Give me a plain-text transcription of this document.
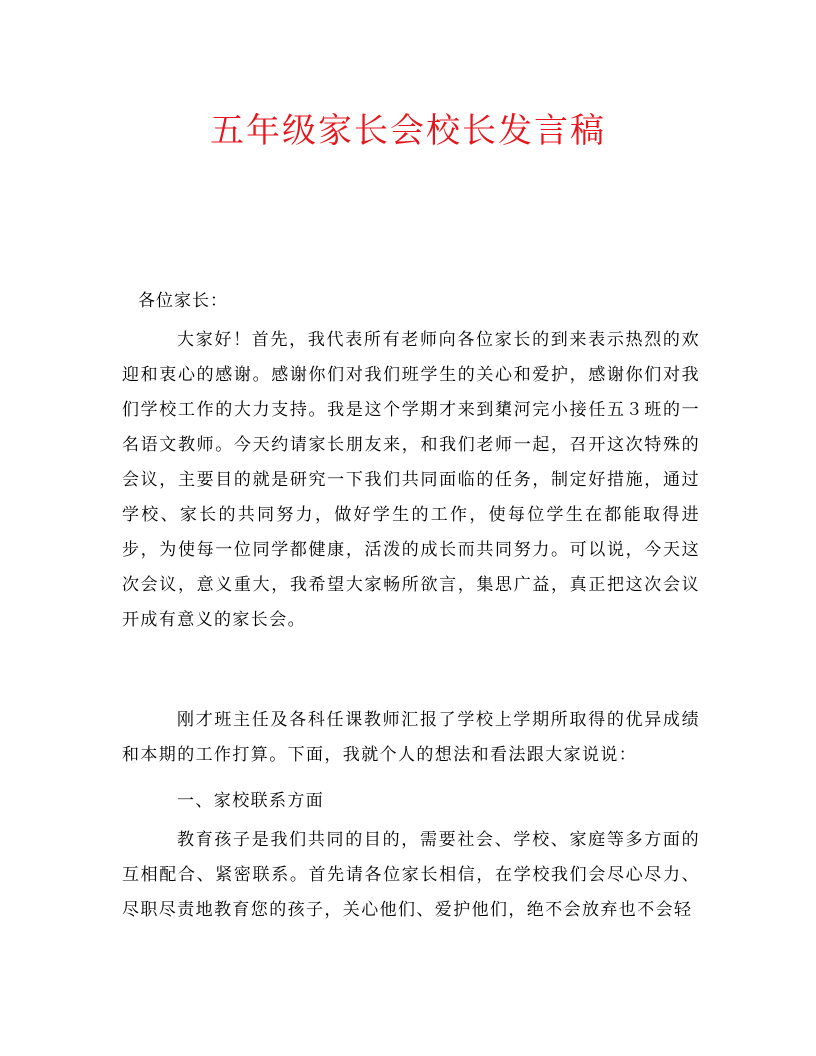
五年级家长会校长发言稿

各位家长：

大家好！首先，我代表所有老师向各位家长的到来表示热烈的欢迎和衷心的感谢。感谢你们对我们班学生的关心和爱护，感谢你们对我们学校工作的大力支持。我是这个学期才来到橥河完小接任五３班的一名语文教师。今天约请家长朋友来，和我们老师一起，召开这次特殊的会议，主要目的就是研究一下我们共同面临的任务，制定好措施，通过学校、家长的共同努力，做好学生的工作，使每位学生在都能取得进步，为使每一位同学都健康，活泼的成长而共同努力。可以说，今天这次会议，意义重大，我希望大家畅所欲言，集思广益，真正把这次会议开成有意义的家长会。

刚才班主任及各科任课教师汇报了学校上学期所取得的优异成绩和本期的工作打算。下面，我就个人的想法和看法跟大家说说：

一、家校联系方面

教育孩子是我们共同的目的，需要社会、学校、家庭等多方面的互相配合、紧密联系。首先请各位家长相信，在学校我们会尽心尽力、尽职尽责地教育您的孩子，关心他们、爱护他们，绝不会放弃也不会轻
